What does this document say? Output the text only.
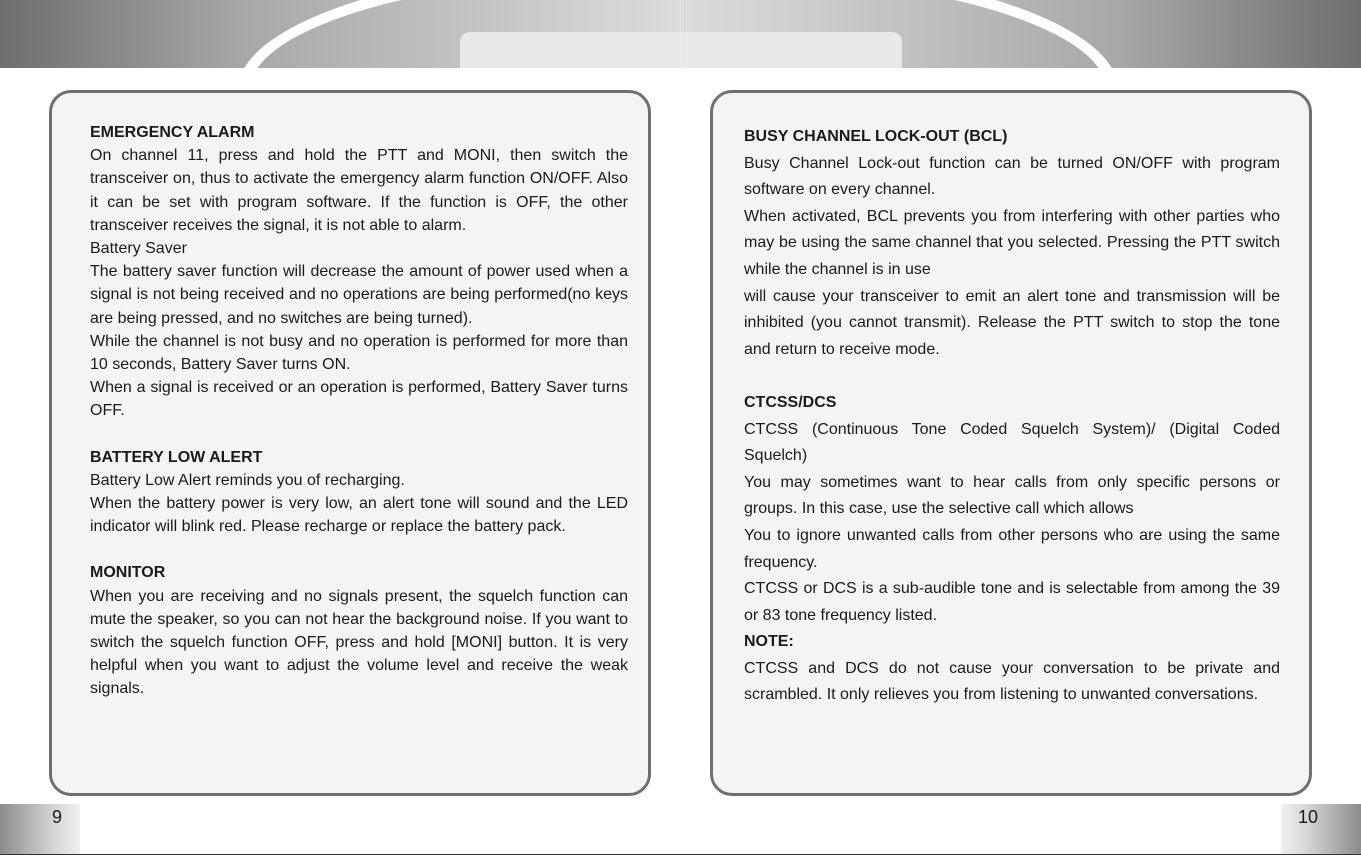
EMERGENCY ALARM

On channel 11, press and hold the PTT and MONI, then switch the transceiver on, thus to activate the emergency alarm function ON/OFF. Also it can be set with program software. If the function is OFF, the other transceiver receives the signal, it is not able to alarm.

Battery Saver

The battery saver function will decrease the amount of power used when a signal is not being received and no operations are being performed(no keys are being pressed, and no switches are being turned).

While the channel is not busy and no operation is performed for more than 10 seconds, Battery Saver turns ON.

When a signal is received or an operation is performed, Battery Saver turns OFF.

BATTERY LOW ALERT

Battery Low Alert reminds you of recharging.

When the battery power is very low, an alert tone will sound and the LED indicator will blink red. Please recharge or replace the battery pack.

MONITOR

When you are receiving and no signals present, the squelch function can mute the speaker, so you can not hear the background noise. If you want to switch the squelch function OFF, press and hold [MONI] button. It is very helpful when you want to adjust the volume level and receive the weak signals.

BUSY CHANNEL LOCK-OUT (BCL)

Busy Channel Lock-out function can be turned ON/OFF with program software on every channel.

When activated, BCL prevents you from interfering with other parties who may be using the same channel that you selected. Pressing the PTT switch while the channel is in use

will cause your transceiver to emit an alert tone and transmission will be inhibited (you cannot transmit). Release the PTT switch to stop the tone and return to receive mode.

CTCSS/DCS

CTCSS (Continuous Tone Coded Squelch System)/ (Digital Coded Squelch)

You may sometimes want to hear calls from only specific persons or groups. In this case, use the selective call which allows

You to ignore unwanted calls from other persons who are using the same frequency.

CTCSS or DCS is a sub-audible tone and is selectable from among the 39 or 83 tone frequency listed.

NOTE:

CTCSS and DCS do not cause your conversation to be private and scrambled. It only relieves you from listening to unwanted conversations.

9	10
